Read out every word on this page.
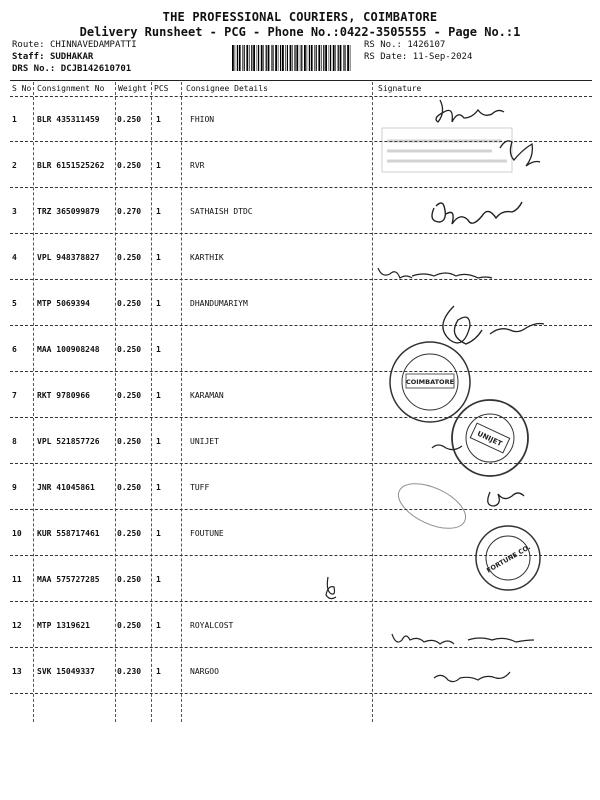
THE PROFESSIONAL COURIERS, COIMBATORE
Delivery Runsheet - PCG - Phone No.:0422-3505555 - Page No.:1
Route: CHINNAVEDAMPATTI
Staff: SUDHAKAR
DRS No.: DCJB142610701
RS No.: 1426107
RS Date: 11-Sep-2024
S No Consignment No Weight PCS Consignee Details	Signature
1	BLR 435311459 0.250 1	FHION
2	BLR 6151525262 0.250 1	RVR
3	TRZ 365099879 0.270 1	SATHAISH DTDC
4	VPL 948378827 0.250 1	KARTHIK
5	MTP 5069394	0.250 1	DHANDUMARIYM
6	MAA 100908248 0.250 1
7	RKT 9780966	0.250 1	KARAMAN
8	VPL 521857726 0.250 1	UNIJET
9	JNR 41045861	0.250 1	TUFF
10 KUR 558717461 0.250 1	FOUTUNE
11 MAA 575727285 0.250 1
12 MTP 1319621	0.250 1	ROYALCOST
13 SVK 15049337	0.230 1	NARGOO
COIMBATORE
UNIJET
FORTUNE CO.
